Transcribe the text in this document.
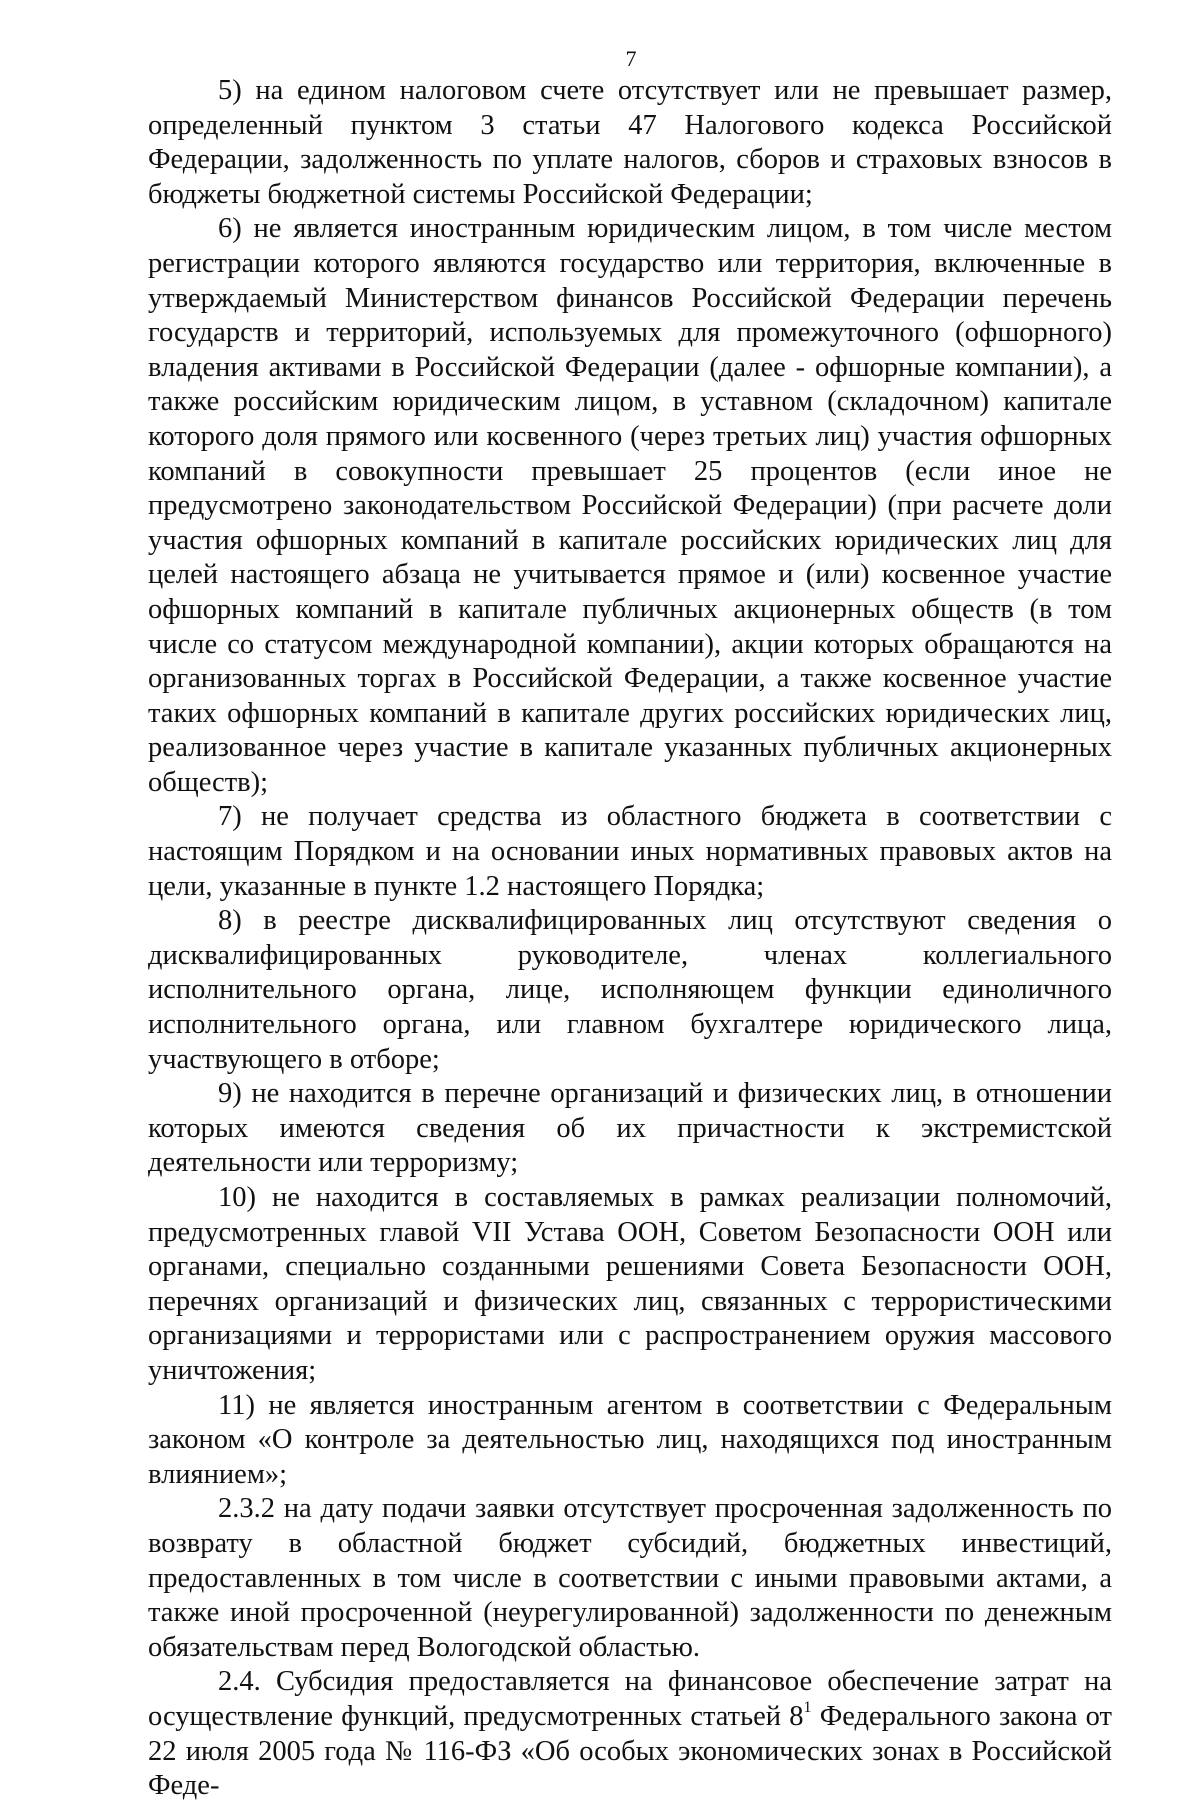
7

5) на едином налоговом счете отсутствует или не превышает размер, определенный пунктом 3 статьи 47 Налогового кодекса Российской Федерации, задолженность по уплате налогов, сборов и страховых взносов в бюджеты бюджетной системы Российской Федерации;

6) не является иностранным юридическим лицом, в том числе местом регистрации которого являются государство или территория, включенные в утверждаемый Министерством финансов Российской Федерации перечень государств и территорий, используемых для промежуточного (офшорного) владения активами в Российской Федерации (далее - офшорные компании), а также российским юридическим лицом, в уставном (складочном) капитале которого доля прямого или косвенного (через третьих лиц) участия офшорных компаний в совокупности превышает 25 процентов (если иное не предусмотрено законодательством Российской Федерации) (при расчете доли участия офшорных компаний в капитале российских юридических лиц для целей настоящего абзаца не учитывается прямое и (или) косвенное участие офшорных компаний в капитале публичных акционерных обществ (в том числе со статусом международной компании), акции которых обращаются на организованных торгах в Российской Федерации, а также косвенное участие таких офшорных компаний в капитале других российских юридических лиц, реализованное через участие в капитале указанных публичных акционерных обществ);

7) не получает средства из областного бюджета в соответствии с настоящим Порядком и на основании иных нормативных правовых актов на цели, указанные в пункте 1.2 настоящего Порядка;

8) в реестре дисквалифицированных лиц отсутствуют сведения о дисквалифицированных руководителе, членах коллегиального исполнительного органа, лице, исполняющем функции единоличного исполнительного органа, или главном бухгалтере юридического лица, участвующего в отборе;

9) не находится в перечне организаций и физических лиц, в отношении которых имеются сведения об их причастности к экстремистской деятельности или терроризму;

10) не находится в составляемых в рамках реализации полномочий, предусмотренных главой VII Устава ООН, Советом Безопасности ООН или органами, специально созданными решениями Совета Безопасности ООН, перечнях организаций и физических лиц, связанных с террористическими организациями и террористами или с распространением оружия массового уничтожения;

11) не является иностранным агентом в соответствии с Федеральным законом «О контроле за деятельностью лиц, находящихся под иностранным влиянием»;

2.3.2 на дату подачи заявки отсутствует просроченная задолженность по возврату в областной бюджет субсидий, бюджетных инвестиций, предоставленных в том числе в соответствии с иными правовыми актами, а также иной просроченной (неурегулированной) задолженности по денежным обязательствам перед Вологодской областью.

2.4. Субсидия предоставляется на финансовое обеспечение затрат на осуществление функций, предусмотренных статьей $8^1$ Федерального закона от 22 июля 2005 года № 116-ФЗ «Об особых экономических зонах в Российской Феде-
